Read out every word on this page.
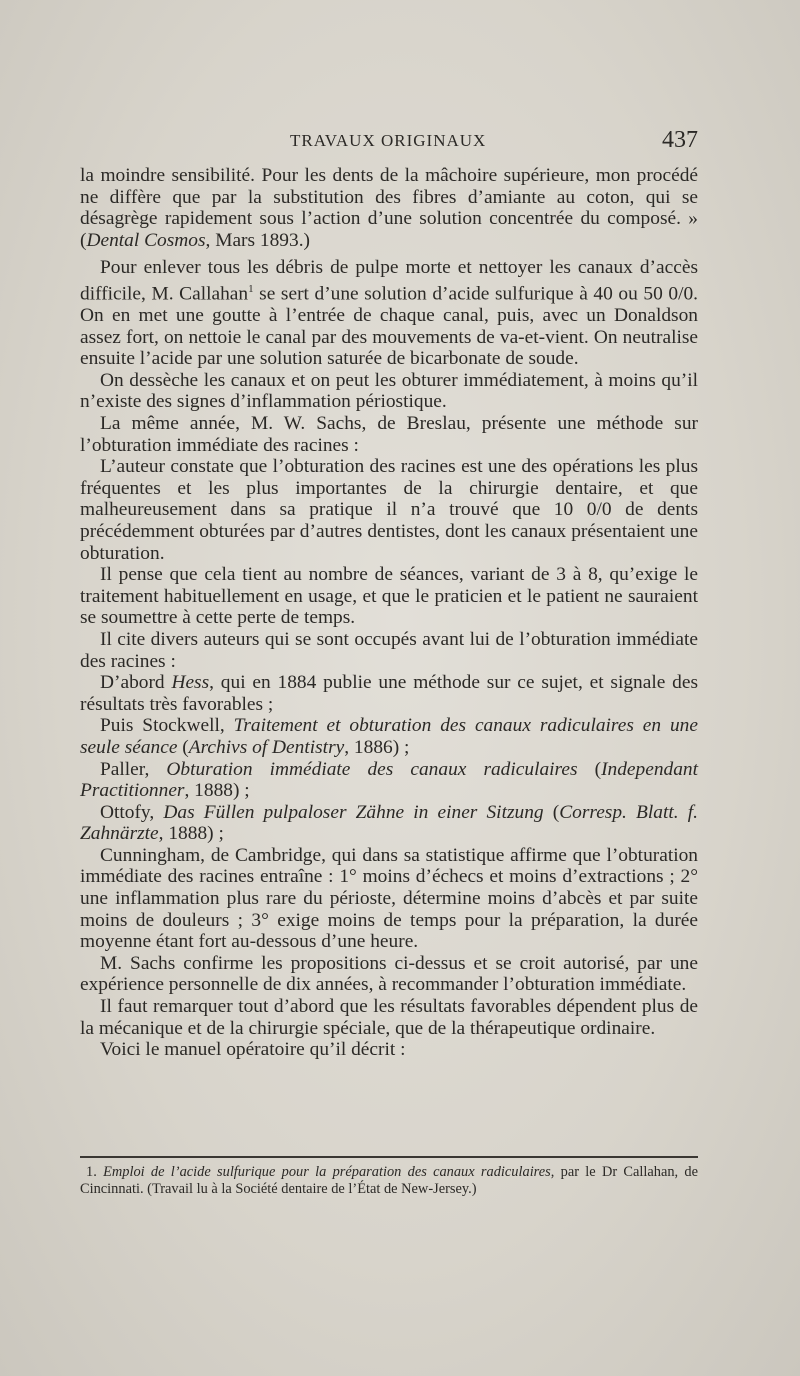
TRAVAUX ORIGINAUX	437

la moindre sensibilité. Pour les dents de la mâchoire supérieure, mon procédé ne diffère que par la substitution des fibres d’amiante au coton, qui se désagrège rapidement sous l’action d’une solution concentrée du composé. » (Dental Cosmos, Mars 1893.)

Pour enlever tous les débris de pulpe morte et nettoyer les canaux d’accès difficile, M. Callahan$^1$ se sert d’une solution d’acide sulfurique à 40 ou 50 0/0. On en met une goutte à l’entrée de chaque canal, puis, avec un Donaldson assez fort, on nettoie le canal par des mouvements de va-et-vient. On neutralise ensuite l’acide par une solution saturée de bicarbonate de soude.

On dessèche les canaux et on peut les obturer immédiatement, à moins qu’il n’existe des signes d’inflammation périostique.

La même année, M. W. Sachs, de Breslau, présente une méthode sur l’obturation immédiate des racines :

L’auteur constate que l’obturation des racines est une des opérations les plus fréquentes et les plus importantes de la chirurgie dentaire, et que malheureusement dans sa pratique il n’a trouvé que 10 0/0 de dents précédemment obturées par d’autres dentistes, dont les canaux présentaient une obturation.

Il pense que cela tient au nombre de séances, variant de 3 à 8, qu’exige le traitement habituellement en usage, et que le praticien et le patient ne sauraient se soumettre à cette perte de temps.

Il cite divers auteurs qui se sont occupés avant lui de l’obturation immédiate des racines :

D’abord Hess, qui en 1884 publie une méthode sur ce sujet, et signale des résultats très favorables ;

Puis Stockwell, Traitement et obturation des canaux radiculaires en une seule séance (Archivs of Dentistry, 1886) ;

Paller, Obturation immédiate des canaux radiculaires (Independant Practitionner, 1888) ;

Ottofy, Das Füllen pulpaloser Zähne in einer Sitzung (Corresp. Blatt. f. Zahnärzte, 1888) ;

Cunningham, de Cambridge, qui dans sa statistique affirme que l’obturation immédiate des racines entraîne : 1° moins d’échecs et moins d’extractions ; 2° une inflammation plus rare du périoste, détermine moins d’abcès et par suite moins de douleurs ; 3° exige moins de temps pour la préparation, la durée moyenne étant fort au-dessous d’une heure.

M. Sachs confirme les propositions ci-dessus et se croit autorisé, par une expérience personnelle de dix années, à recommander l’obturation immédiate.

Il faut remarquer tout d’abord que les résultats favorables dépendent plus de la mécanique et de la chirurgie spéciale, que de la thérapeutique ordinaire.

Voici le manuel opératoire qu’il décrit :

1. Emploi de l’acide sulfurique pour la préparation des canaux radiculaires, par le Dr Callahan, de Cincinnati. (Travail lu à la Société dentaire de l’État de New-Jersey.)
